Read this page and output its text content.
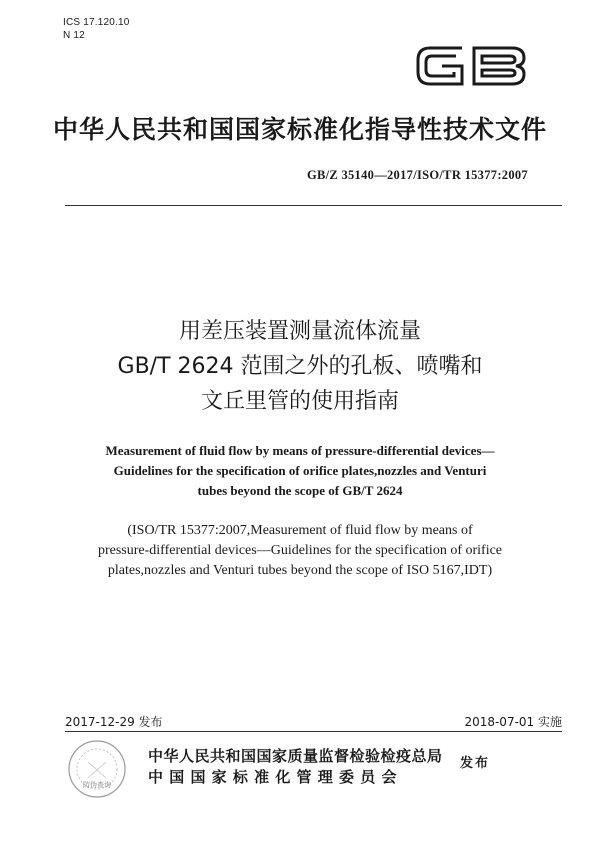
ICS 17.120.10
N 12	GB
中华人民共和国国家标准化指导性技术文件
GB/Z 35140—2017/ISO/TR 15377:2007
用差压装置测量流体流量
GB/T 2624 范围之外的孔板、喷嘴和
文丘里管的使用指南
Measurement of fluid flow by means of pressure-differential devices—
Guidelines for the specification of orifice plates,nozzles and Venturi
tubes beyond the scope of GB/T 2624
(ISO/TR 15377:2007,Measurement of fluid flow by means of
pressure-differential devices—Guidelines for the specification of orifice
plates,nozzles and Venturi tubes beyond the scope of ISO 5167,IDT)
2017-12-29 发布	2018-07-01 实施
防伪查询
中华人民共和国国家质量监督检验检疫总局
中 国 国 家 标 准 化 管 理 委 员 会
发布
